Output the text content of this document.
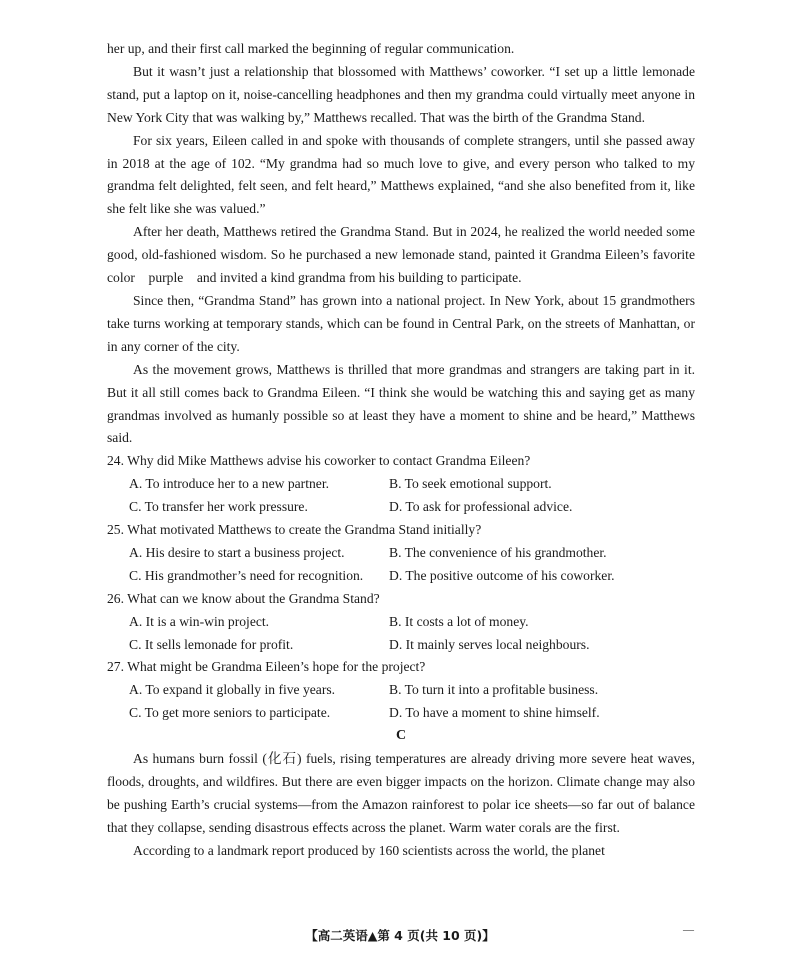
her up, and their first call marked the beginning of regular communication.

But it wasn’t just a relationship that blossomed with Matthews’ coworker. “I set up a little lemonade stand, put a laptop on it, noise-cancelling headphones and then my grandma could virtually meet anyone in New York City that was walking by,” Matthews recalled. That was the birth of the Grandma Stand.

For six years, Eileen called in and spoke with thousands of complete strangers, until she passed away in 2018 at the age of 102. “My grandma had so much love to give, and every person who talked to my grandma felt delighted, felt seen, and felt heard,” Matthews explained, “and she also benefited from it, like she felt like she was valued.”

After her death, Matthews retired the Grandma Stand. But in 2024, he realized the world needed some good, old-fashioned wisdom. So he purchased a new lemonade stand, painted it Grandma Eileen’s favorite color　purple　and invited a kind grandma from his building to participate.

Since then, “Grandma Stand” has grown into a national project. In New York, about 15 grandmothers take turns working at temporary stands, which can be found in Central Park, on the streets of Manhattan, or in any corner of the city.

As the movement grows, Matthews is thrilled that more grandmas and strangers are taking part in it. But it all still comes back to Grandma Eileen. “I think she would be watching this and saying get as many grandmas involved as humanly possible so at least they have a moment to shine and be heard,” Matthews said.

24. Why did Mike Matthews advise his coworker to contact Grandma Eileen?

A. To introduce her to a new partner.	B. To seek emotional support.
C. To transfer her work pressure.	D. To ask for professional advice.

25. What motivated Matthews to create the Grandma Stand initially?

A. His desire to start a business project.	B. The convenience of his grandmother.
C. His grandmother’s need for recognition.	D. The positive outcome of his coworker.

26. What can we know about the Grandma Stand?

A. It is a win-win project.	B. It costs a lot of money.
C. It sells lemonade for profit.	D. It mainly serves local neighbours.

27. What might be Grandma Eileen’s hope for the project?

A. To expand it globally in five years.	B. To turn it into a profitable business.
C. To get more seniors to participate.	D. To have a moment to shine himself.

C

As humans burn fossil (化石) fuels, rising temperatures are already driving more severe heat waves, floods, droughts, and wildfires. But there are even bigger impacts on the horizon. Climate change may also be pushing Earth’s crucial systems—from the Amazon rainforest to polar ice sheets—so far out of balance that they collapse, sending disastrous effects across the planet. Warm water corals are the first.

According to a landmark report produced by 160 scientists across the world, the planet

【高二英语▲第 4 页(共 10 页)】	—
